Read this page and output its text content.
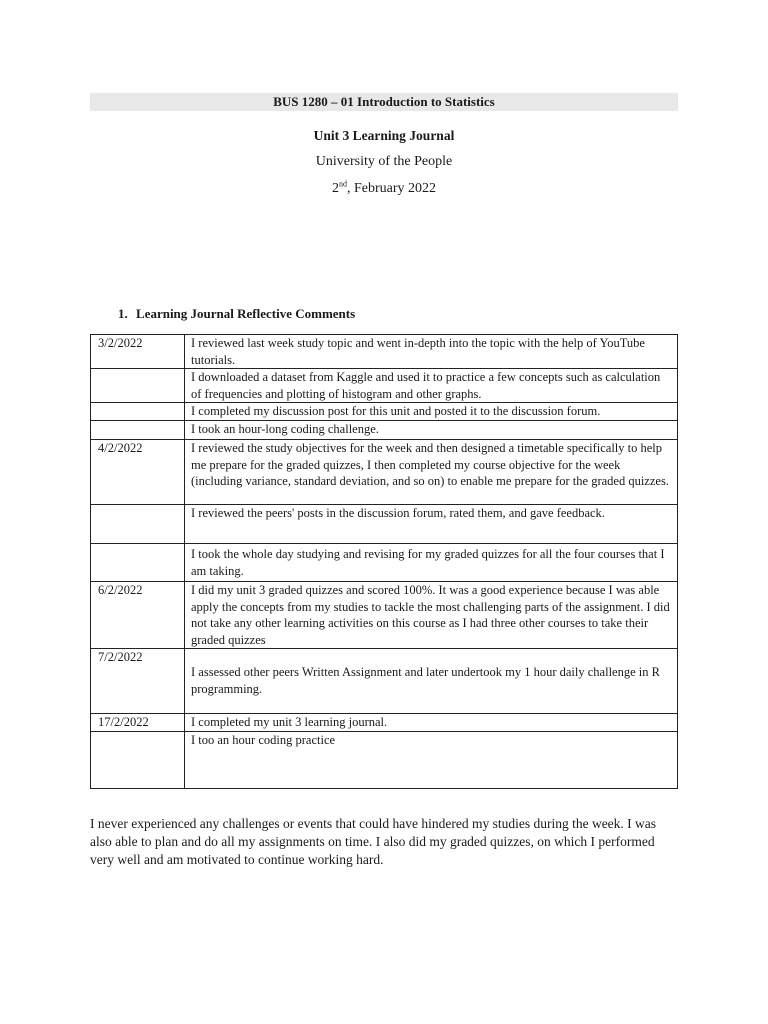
BUS 1280 – 01 Introduction to Statistics
Unit 3 Learning Journal
University of the People
2nd, February 2022
1. Learning Journal Reflective Comments
3/2/2022	I reviewed last week study topic and went in-depth into the topic with the help of YouTube tutorials.
	I downloaded a dataset from Kaggle and used it to practice a few concepts such as calculation of frequencies and plotting of histogram and other graphs.
	I completed my discussion post for this unit and posted it to the discussion forum.
	I took an hour-long coding challenge.
4/2/2022	I reviewed the study objectives for the week and then designed a timetable specifically to help me prepare for the graded quizzes, I then completed my course objective for the week (including variance, standard deviation, and so on) to enable me prepare for the graded quizzes.
	I reviewed the peers' posts in the discussion forum, rated them, and gave feedback.
	I took the whole day studying and revising for my graded quizzes for all the four courses that I am taking.
6/2/2022	I did my unit 3 graded quizzes and scored 100%. It was a good experience because I was able apply the concepts from my studies to tackle the most challenging parts of the assignment. I did not take any other learning activities on this course as I had three other courses to take their graded quizzes
7/2/2022	I assessed other peers Written Assignment and later undertook my 1 hour daily challenge in R programming.
17/2/2022	I completed my unit 3 learning journal.
	I too an hour coding practice
I never experienced any challenges or events that could have hindered my studies during the week. I was also able to plan and do all my assignments on time. I also did my graded quizzes, on which I performed very well and am motivated to continue working hard.
